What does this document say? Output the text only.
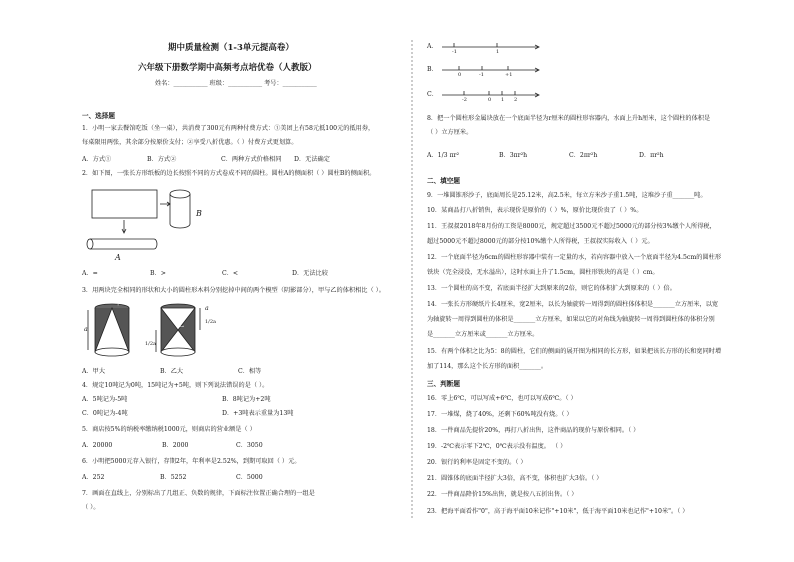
期中质量检测（1-3单元提高卷）
六年级下册数学期中高频考点培优卷（人教版）
姓名：___________ 班级：___________ 考号：___________
一、选择题
1．小明一家去餐馆吃饭（坐一桌），共消费了300元有两种付费方式：①美团上有58元抵100元的抵用券，
每桌限用两张，其余部分按原价支付；②享受八折优惠。（ ）付费方式更划算。
A．方式①	B．方式②	C．两种方式价格相同 D．无法确定
2．如下图，一张长方形纸板的边长按照不同的方式卷成不同的圆柱。圆柱A的侧面积（ ）圆柱B的侧面积。
B
A
A．=	B．>	C．<	D．无法比较
3．用两块完全相同的形状和大小的圆柱形木料分别挖掉中间的两个模型（阴影部分），甲与乙的体积相比（ ）。
甲
乙
a
a
1/2a
1/2a
A．甲大	B．乙大	C．相等
4．规定10吨记为0吨，15吨记为+5吨，则下列说法错误的是（ ）。
A．5吨记为-5吨	B．8吨记为+2吨
C．0吨记为-4吨	D．+3吨表示重量为13吨
5．商店按5%的纳税率缴纳税1000元，则商店的营业额是（ ）
A．20000	B．2000	C．3050
6．小明把5000元存入银行，存期2年，年利率是2.52%，到期可取回（ ）元。
A．252	B．5252	C．5000
7．画面在直线上，分别标出了几组正、负数的规律，下面标注位置正确合理的一组是
（ ）。
A．
-1	1
B．
0	-1	+1
C．
-2	0 1 2
8．把一个圆柱形金属块放在一个底面半径为r厘米的圆柱形容器内，水面上升h厘米，这个圆柱的体积是
（ ）立方厘米。
A．1/3 πr²	B．3πr²h	C．2πr²h	D．πr²h
二、填空题
9．一堆圆锥形沙子，底面周长是25.12米，高2.5米，每立方米沙子重1.5吨，这堆沙子重_______吨。
10．某商品打八折销售，表示现价是原价的（ ）%，原价比现价贵了（ ）%。
11．王叔叔2018年8月份的工资是8000元，规定超过3500元不超过5000元的部分按3%缴个人所得税，
超过5000元不超过8000元的部分按10%缴个人所得税，王叔叔实际收入（ ）元。
12．一个底面半径为6cm的圆柱形容器中装有一定量的水，若向容器中放入一个底面半径为4.5cm的圆柱形
铁块（完全浸没，无水溢出），这时水面上升了1.5cm，圆柱形铁块的高是（ ）cm。
13．一个圆柱的高不变，若底面半径扩大到原来的2倍，则它的体积扩大到原来的（ ）倍。
14．一张长方形硬纸片长4厘米，宽2厘米，以长为轴旋转一周得到的圆柱体体积是_______立方厘米，以宽
为轴旋转一周得到圆柱的体积是_______立方厘米，如果以它的对角线为轴旋转一周得到圆柱体的体积分别
是_______立方厘米或_______立方厘米。
15．有两个体积之比为5：8的圆柱，它们的侧面的展开图为相同的长方形，如果把该长方形的长和宽同时增
加了114，那么这个长方形的面积_______。
三、判断题
16．零上6℃，可以写成+6℃，也可以写成6℃。（ ）
17．一堆煤，烧了40%，还剩下60%吨没有烧。（ ）
18．一件商品先提价20%，再打八折出售，这件商品的现价与原价相同。（ ）
19．-2℃表示零下2℃，0℃表示没有温度。 （ ）
20．银行的利率是固定不变的。（ ）
21．圆锥体的底面半径扩大3倍，高不变，体积也扩大3倍。（ ）
22．一件商品降价15%出售，就是按八五折出售。（ ）
23．把海平面看作"0"，高于海平面10米记作"+10米"，低于海平面10米也记作"+10米"。（ ）
